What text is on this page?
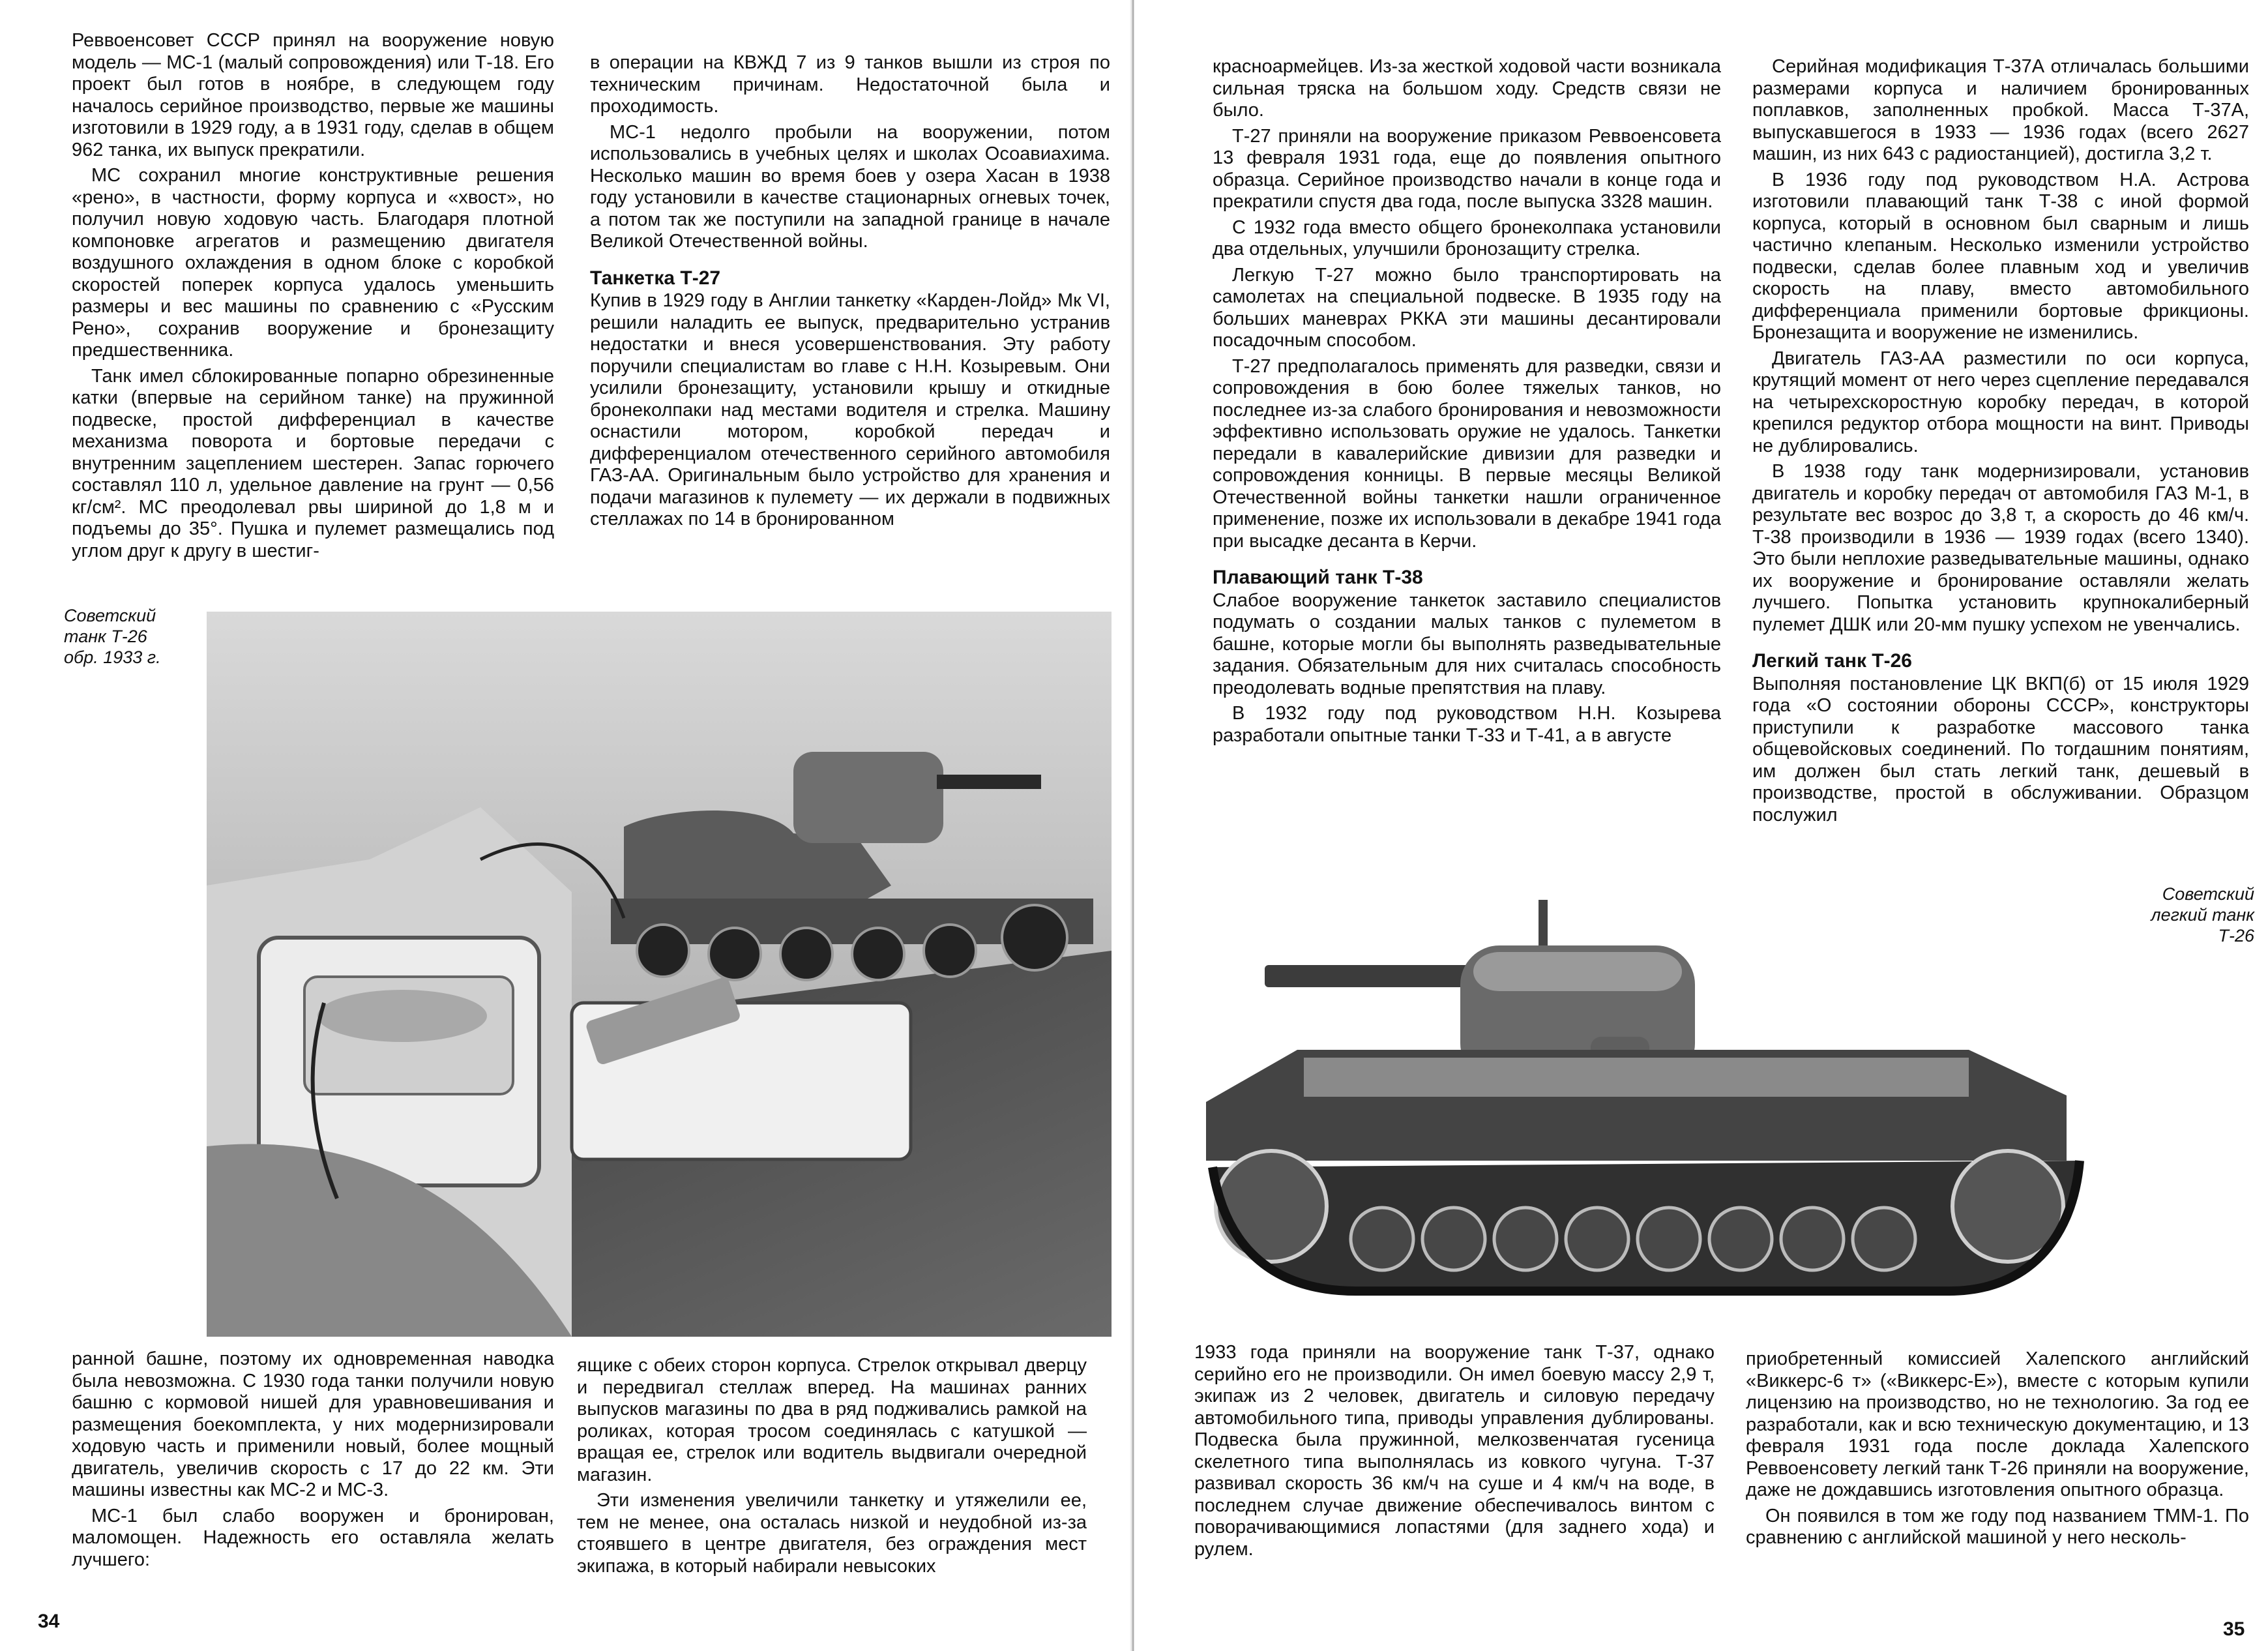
Реввоенсовет СССР принял на вооружение новую модель — МС-1 (малый сопровождения) или Т-18. Его проект был готов в ноябре, в следующем году началось серийное производство, первые же машины изготовили в 1929 году, а в 1931 году, сделав в общем 962 танка, их выпуск прекратили.

МС сохранил многие конструктивные решения «рено», в частности, форму корпуса и «хвост», но получил новую ходовую часть. Благодаря плотной компоновке агрегатов и размещению двигателя воздушного охлаждения в одном блоке с коробкой скоростей поперек корпуса удалось уменьшить размеры и вес машины по сравнению с «Русским Рено», сохранив вооружение и бронезащиту предшественника.

Танк имел сблокированные попарно обрезиненные катки (впервые на серийном танке) на пружинной подвеске, простой дифференциал в качестве механизма поворота и бортовые передачи с внутренним зацеплением шестерен. Запас горючего составлял 110 л, удельное давление на грунт — 0,56 кг/см². МС преодолевал рвы шириной до 1,8 м и подъемы до 35°. Пушка и пулемет размещались под углом друг к другу в шестиг-

в операции на КВЖД 7 из 9 танков вышли из строя по техническим причинам. Недостаточной была и проходимость.

МС-1 недолго пробыли на вооружении, потом использовались в учебных целях и школах Осоавиахима. Несколько машин во время боев у озера Хасан в 1938 году установили в качестве стационарных огневых точек, а потом так же поступили на западной границе в начале Великой Отечественной войны.

Танкетка Т-27

Купив в 1929 году в Англии танкетку «Карден-Лойд» Мк VI, решили наладить ее выпуск, предварительно устранив недостатки и внеся усовершенствования. Эту работу поручили специалистам во главе с Н.Н. Козыревым. Они усилили бронезащиту, установили крышу и откидные бронеколпаки над местами водителя и стрелка. Машину оснастили мотором, коробкой передач и дифференциалом отечественного серийного автомобиля ГАЗ-АА. Оригинальным было устройство для хранения и подачи магазинов к пулемету — их держали в подвижных стеллажах по 14 в бронированном

Советский
танк Т-26
обр. 1933 г.

ранной башне, поэтому их одновременная наводка была невозможна. С 1930 года танки получили новую башню с кормовой нишей для уравновешивания и размещения боекомплекта, у них модернизировали ходовую часть и применили новый, более мощный двигатель, увеличив скорость с 17 до 22 км. Эти машины известны как МС-2 и МС-3.

МС-1 был слабо вооружен и бронирован, маломощен. Надежность его оставляла желать лучшего:

ящике с обеих сторон корпуса. Стрелок открывал дверцу и передвигал стеллаж вперед. На машинах ранних выпусков магазины по два в ряд подживались рамкой на роликах, которая тросом соединялась с катушкой — вращая ее, стрелок или водитель выдвигали очередной магазин.

Эти изменения увеличили танкетку и утяжелили ее, тем не менее, она осталась низкой и неудобной из-за стоявшего в центре двигателя, без ограждения мест экипажа, в который набирали невысоких

34

красноармейцев. Из-за жесткой ходовой части возникала сильная тряска на большом ходу. Средств связи не было.

Т-27 приняли на вооружение приказом Реввоенсовета 13 февраля 1931 года, еще до появления опытного образца. Серийное производство начали в конце года и прекратили спустя два года, после выпуска 3328 машин.

С 1932 года вместо общего бронеколпака установили два отдельных, улучшили бронозащиту стрелка.

Легкую Т-27 можно было транспортировать на самолетах на специальной подвеске. В 1935 году на больших маневрах РККА эти машины десантировали посадочным способом.

Т-27 предполагалось применять для разведки, связи и сопровождения в бою более тяжелых танков, но последнее из-за слабого бронирования и невозможности эффективно использовать оружие не удалось. Танкетки передали в кавалерийские дивизии для разведки и сопровождения конницы. В первые месяцы Великой Отечественной войны танкетки нашли ограниченное применение, позже их использовали в декабре 1941 года при высадке десанта в Керчи.

Плавающий танк Т-38

Слабое вооружение танкеток заставило специалистов подумать о создании малых танков с пулеметом в башне, которые могли бы выполнять разведывательные задания. Обязательным для них считалась способность преодолевать водные препятствия на плаву.

В 1932 году под руководством Н.Н. Козырева разработали опытные танки Т-33 и Т-41, а в августе

Серийная модификация Т-37А отличалась большими размерами корпуса и наличием бронированных поплавков, заполненных пробкой. Масса Т-37А, выпускавшегося в 1933 — 1936 годах (всего 2627 машин, из них 643 с радиостанцией), достигла 3,2 т.

В 1936 году под руководством Н.А. Астрова изготовили плавающий танк Т-38 с иной формой корпуса, который в основном был сварным и лишь частично клепаным. Несколько изменили устройство подвески, сделав более плавным ход и увеличив скорость на плаву, вместо автомобильного дифференциала применили бортовые фрикционы. Бронезащита и вооружение не изменились.

Двигатель ГАЗ-АА разместили по оси корпуса, крутящий момент от него через сцепление передавался на четырехскоростную коробку передач, в которой крепился редуктор отбора мощности на винт. Приводы не дублировались.

В 1938 году танк модернизировали, установив двигатель и коробку передач от автомобиля ГАЗ М-1, в результате вес возрос до 3,8 т, а скорость до 46 км/ч. Т-38 производили в 1936 — 1939 годах (всего 1340). Это были неплохие разведывательные машины, однако их вооружение и бронирование оставляли желать лучшего. Попытка установить крупнокалиберный пулемет ДШК или 20-мм пушку успехом не увенчались.

Легкий танк Т-26

Выполняя постановление ЦК ВКП(б) от 15 июля 1929 года «О состоянии обороны СССР», конструкторы приступили к разработке массового танка общевойсковых соединений. По тогдашним понятиям, им должен был стать легкий танк, дешевый в производстве, простой в обслуживании. Образцом послужил

Советский
легкий танк
Т-26

1933 года приняли на вооружение танк Т-37, однако серийно его не производили. Он имел боевую массу 2,9 т, экипаж из 2 человек, двигатель и силовую передачу автомобильного типа, приводы управления дублированы. Подвеска была пружинной, мелкозвенчатая гусеница скелетного типа выполнялась из ковкого чугуна. Т-37 развивал скорость 36 км/ч на суше и 4 км/ч на воде, в последнем случае движение обеспечивалось винтом с поворачивающимися лопастями (для заднего хода) и рулем.

приобретенный комиссией Халепского английский «Виккерс-6 т» («Виккерс-Е»), вместе с которым купили лицензию на производство, но не технологию. За год ее разработали, как и всю техническую документацию, и 13 февраля 1931 года после доклада Халепского Реввоенсовету легкий танк Т-26 приняли на вооружение, даже не дождавшись изготовления опытного образца.

Он появился в том же году под названием ТММ-1. По сравнению с английской машиной у него несколь-

35
